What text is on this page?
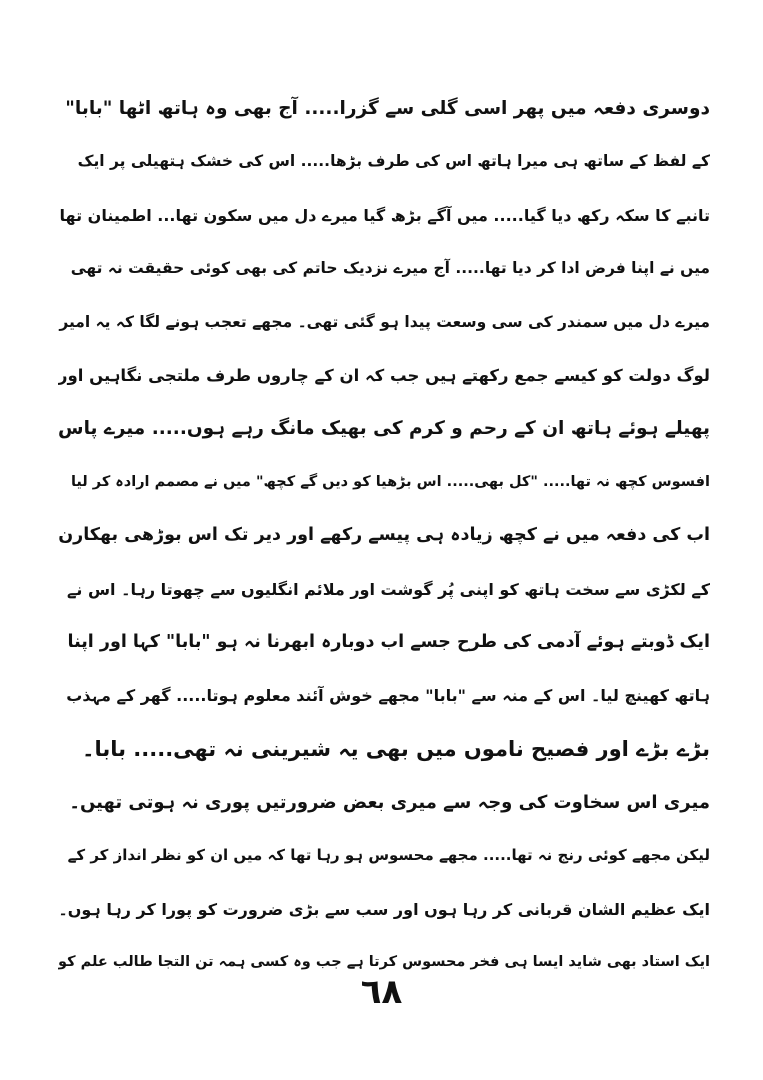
دوسری دفعہ میں پھر اسی گلی سے گزرا..... آج بھی وہ ہاتھ اٹھا "بابا"
کے لفظ کے ساتھ ہی میرا ہاتھ اس کی طرف بڑھا..... اس کی خشک ہتھیلی پر ایک
تانبے کا سکہ رکھ دیا گیا..... میں آگے بڑھ گیا میرے دل میں سکون تھا... اطمینان تھا
میں نے اپنا فرض ادا کر دیا تھا..... آج میرے نزدیک حاتم کی بھی کوئی حقیقت نہ تھی
میرے دل میں سمندر کی سی وسعت پیدا ہو گئی تھی۔ مجھے تعجب ہونے لگا کہ یہ امیر
لوگ دولت کو کیسے جمع رکھتے ہیں جب کہ ان کے چاروں طرف ملتجی نگاہیں اور
پھیلے ہوئے ہاتھ ان کے رحم و کرم کی بھیک مانگ رہے ہوں..... میرے پاس
افسوس کچھ نہ تھا..... "کل بھی..... اس بڑھیا کو دیں گے کچھ" میں نے مصمم ارادہ کر لیا
اب کی دفعہ میں نے کچھ زیادہ ہی پیسے رکھے اور دیر تک اس بوڑھی بھکارن
کے لکڑی سے سخت ہاتھ کو اپنی پُر گوشت اور ملائم انگلیوں سے چھوتا رہا۔ اس نے
ایک ڈوبتے ہوئے آدمی کی طرح جسے اب دوبارہ ابھرنا نہ ہو "بابا" کہا اور اپنا
ہاتھ کھینچ لیا۔ اس کے منہ سے "بابا" مجھے خوش آئند معلوم ہوتا..... گھر کے مہذب
بڑے بڑے اور فصیح ناموں میں بھی یہ شیرینی نہ تھی..... بابا۔
میری اس سخاوت کی وجہ سے میری بعض ضرورتیں پوری نہ ہوتی تھیں۔
لیکن مجھے کوئی رنج نہ تھا..... مجھے محسوس ہو رہا تھا کہ میں ان کو نظر انداز کر کے
ایک عظیم الشان قربانی کر رہا ہوں اور سب سے بڑی ضرورت کو پورا کر رہا ہوں۔
ایک استاد بھی شاید ایسا ہی فخر محسوس کرتا ہے جب وہ کسی ہمہ تن التجا طالب علم کو
٦٨
